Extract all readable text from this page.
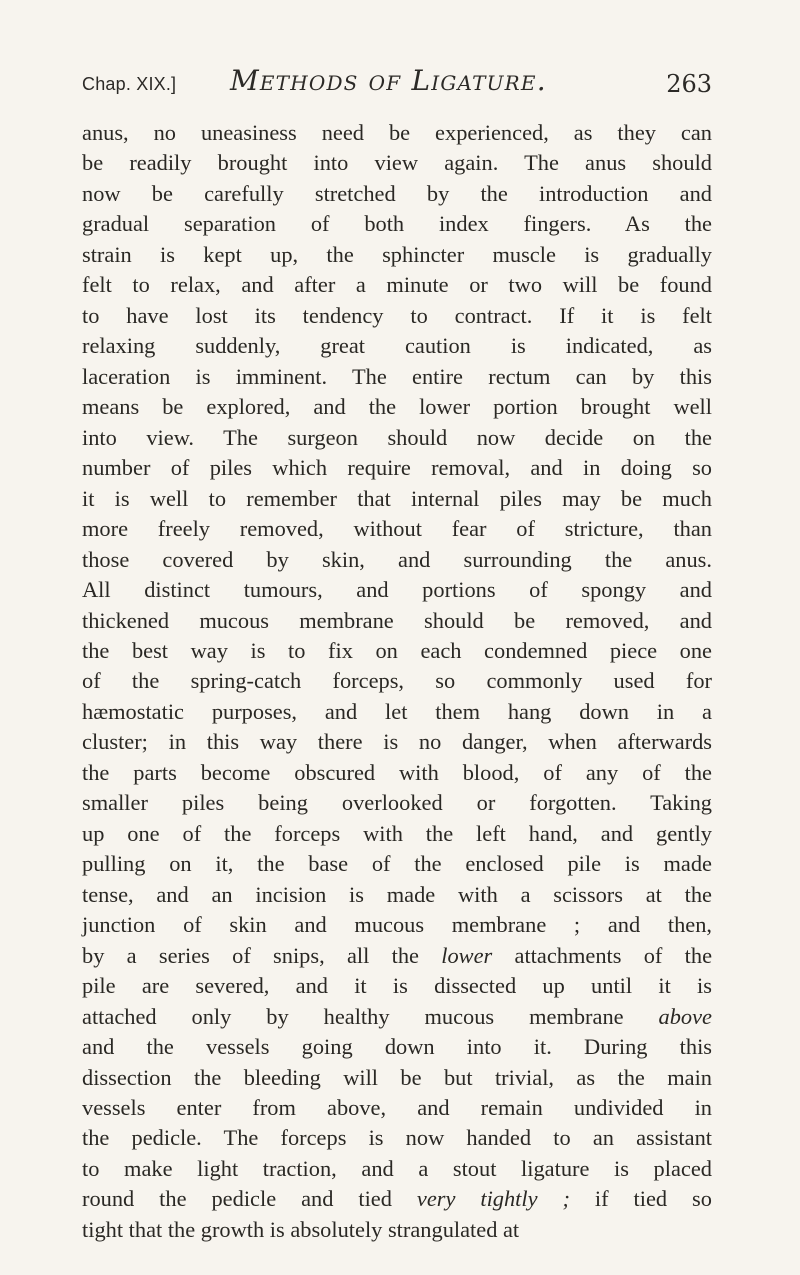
Chap. XIX.] Methods of Ligature.	263
anus, no uneasiness need be experienced, as they can
be readily brought into view again. The anus should
now be carefully stretched by the introduction and
gradual separation of both index fingers. As the
strain is kept up, the sphincter muscle is gradually
felt to relax, and after a minute or two will be found
to have lost its tendency to contract. If it is felt
relaxing suddenly, great caution is indicated, as
laceration is imminent. The entire rectum can by this
means be explored, and the lower portion brought well
into view. The surgeon should now decide on the
number of piles which require removal, and in doing so
it is well to remember that internal piles may be much
more freely removed, without fear of stricture, than
those covered by skin, and surrounding the anus.
All distinct tumours, and portions of spongy and
thickened mucous membrane should be removed, and
the best way is to fix on each condemned piece one
of the spring-catch forceps, so commonly used for
hæmostatic purposes, and let them hang down in a
cluster; in this way there is no danger, when afterwards
the parts become obscured with blood, of any of the
smaller piles being overlooked or forgotten. Taking
up one of the forceps with the left hand, and gently
pulling on it, the base of the enclosed pile is made
tense, and an incision is made with a scissors at the
junction of skin and mucous membrane ; and then,
by a series of snips, all the lower attachments of the
pile are severed, and it is dissected up until it is
attached only by healthy mucous membrane above
and the vessels going down into it. During this
dissection the bleeding will be but trivial, as the main
vessels enter from above, and remain undivided in
the pedicle. The forceps is now handed to an assistant
to make light traction, and a stout ligature is placed
round the pedicle and tied very tightly ; if tied so
tight that the growth is absolutely strangulated at
